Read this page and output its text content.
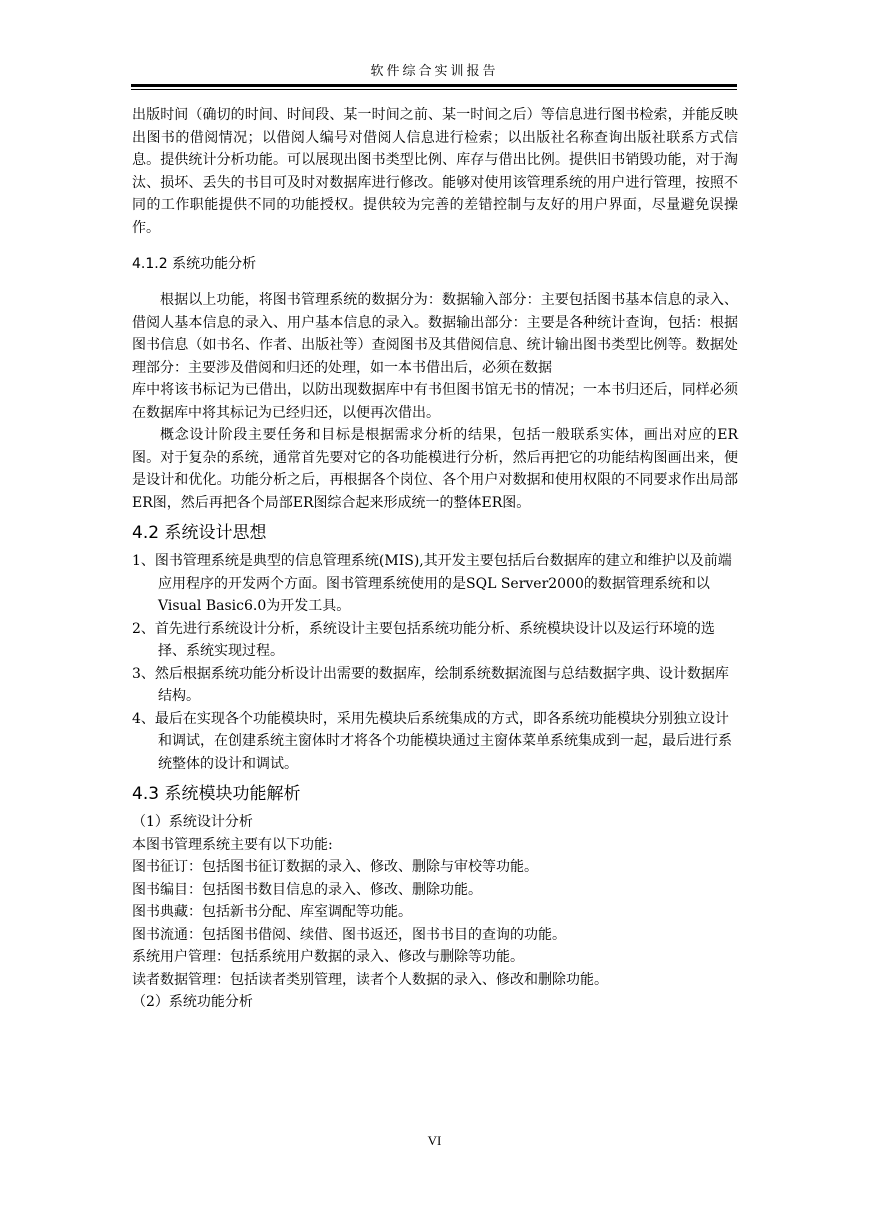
软件综合实训报告

出版时间（确切的时间、时间段、某一时间之前、某一时间之后）等信息进行图书检索，并能反映出图书的借阅情况；以借阅人编号对借阅人信息进行检索；以出版社名称查询出版社联系方式信息。提供统计分析功能。可以展现出图书类型比例、库存与借出比例。提供旧书销毁功能，对于淘汰、损坏、丢失的书目可及时对数据库进行修改。能够对使用该管理系统的用户进行管理，按照不同的工作职能提供不同的功能授权。提供较为完善的差错控制与友好的用户界面，尽量避免误操作。

4.1.2 系统功能分析

根据以上功能，将图书管理系统的数据分为：数据输入部分：主要包括图书基本信息的录入、借阅人基本信息的录入、用户基本信息的录入。数据输出部分：主要是各种统计查询，包括：根据图书信息（如书名、作者、出版社等）查阅图书及其借阅信息、统计输出图书类型比例等。数据处理部分：主要涉及借阅和归还的处理，如一本书借出后，必须在数据

库中将该书标记为已借出，以防出现数据库中有书但图书馆无书的情况；一本书归还后，同样必须在数据库中将其标记为已经归还，以便再次借出。

概念设计阶段主要任务和目标是根据需求分析的结果，包括一般联系实体，画出对应的ER图。对于复杂的系统，通常首先要对它的各功能模进行分析，然后再把它的功能结构图画出来，便是设计和优化。功能分析之后，再根据各个岗位、各个用户对数据和使用权限的不同要求作出局部ER图，然后再把各个局部ER图综合起来形成统一的整体ER图。

4.2 系统设计思想
1、图书管理系统是典型的信息管理系统(MIS),其开发主要包括后台数据库的建立和维护以及前端应用程序的开发两个方面。图书管理系统使用的是SQL Server2000的数据管理系统和以Visual Basic6.0为开发工具。
2、首先进行系统设计分析，系统设计主要包括系统功能分析、系统模块设计以及运行环境的选择、系统实现过程。
3、然后根据系统功能分析设计出需要的数据库，绘制系统数据流图与总结数据字典、设计数据库结构。
4、最后在实现各个功能模块时，采用先模块后系统集成的方式，即各系统功能模块分别独立设计和调试，在创建系统主窗体时才将各个功能模块通过主窗体菜单系统集成到一起，最后进行系统整体的设计和调试。
4.3 系统模块功能解析

（1）系统设计分析

本图书管理系统主要有以下功能:

图书征订：包括图书征订数据的录入、修改、删除与审校等功能。

图书编目：包括图书数目信息的录入、修改、删除功能。

图书典藏：包括新书分配、库室调配等功能。

图书流通：包括图书借阅、续借、图书返还，图书书目的查询的功能。

系统用户管理：包括系统用户数据的录入、修改与删除等功能。

读者数据管理：包括读者类别管理，读者个人数据的录入、修改和删除功能。

（2）系统功能分析

VI
